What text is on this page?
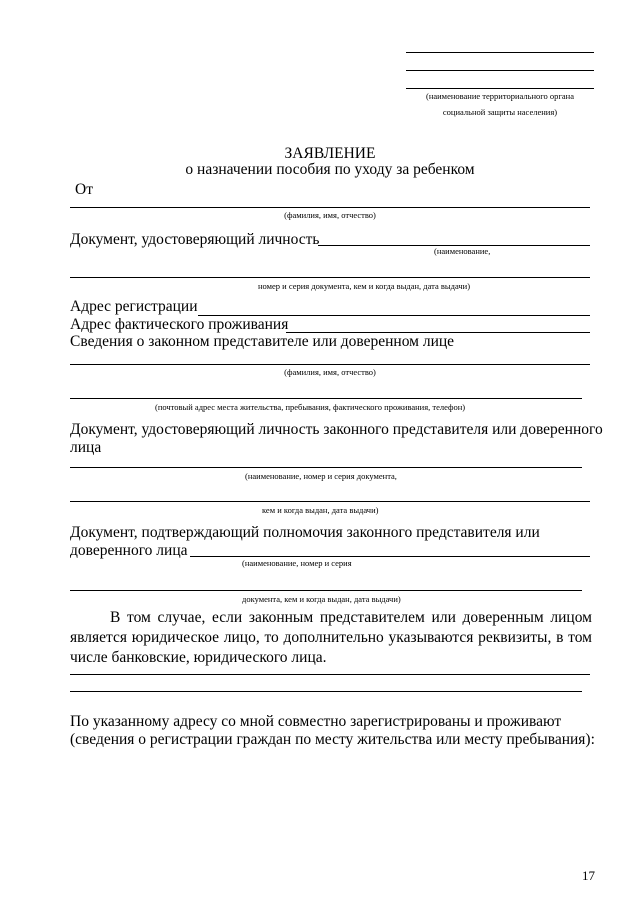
(наименование территориального органа
социальной защиты населения)
ЗАЯВЛЕНИЕ
о назначении пособия по уходу за ребенком
От
(фамилия, имя, отчество)
Документ, удостоверяющий личность
(наименование,
номер и серия документа, кем и когда выдан, дата выдачи)
Адрес регистрации
Адрес фактического проживания
Сведения о законном представителе или доверенном лице
(фамилия, имя, отчество)
(почтовый адрес места жительства, пребывания, фактического проживания, телефон)
Документ, удостоверяющий личность законного представителя или доверенного
лица
(наименование, номер и серия документа,
кем и когда выдан, дата выдачи)
Документ, подтверждающий полномочия законного представителя или
доверенного лица
(наименование, номер и серия
документа, кем и когда выдан, дата выдачи)
В том случае, если законным представителем или доверенным лицом является юридическое лицо, то дополнительно указываются реквизиты, в том числе банковские, юридического лица.
По указанному адресу со мной совместно зарегистрированы и проживают
(сведения о регистрации граждан по месту жительства или месту пребывания):
17
